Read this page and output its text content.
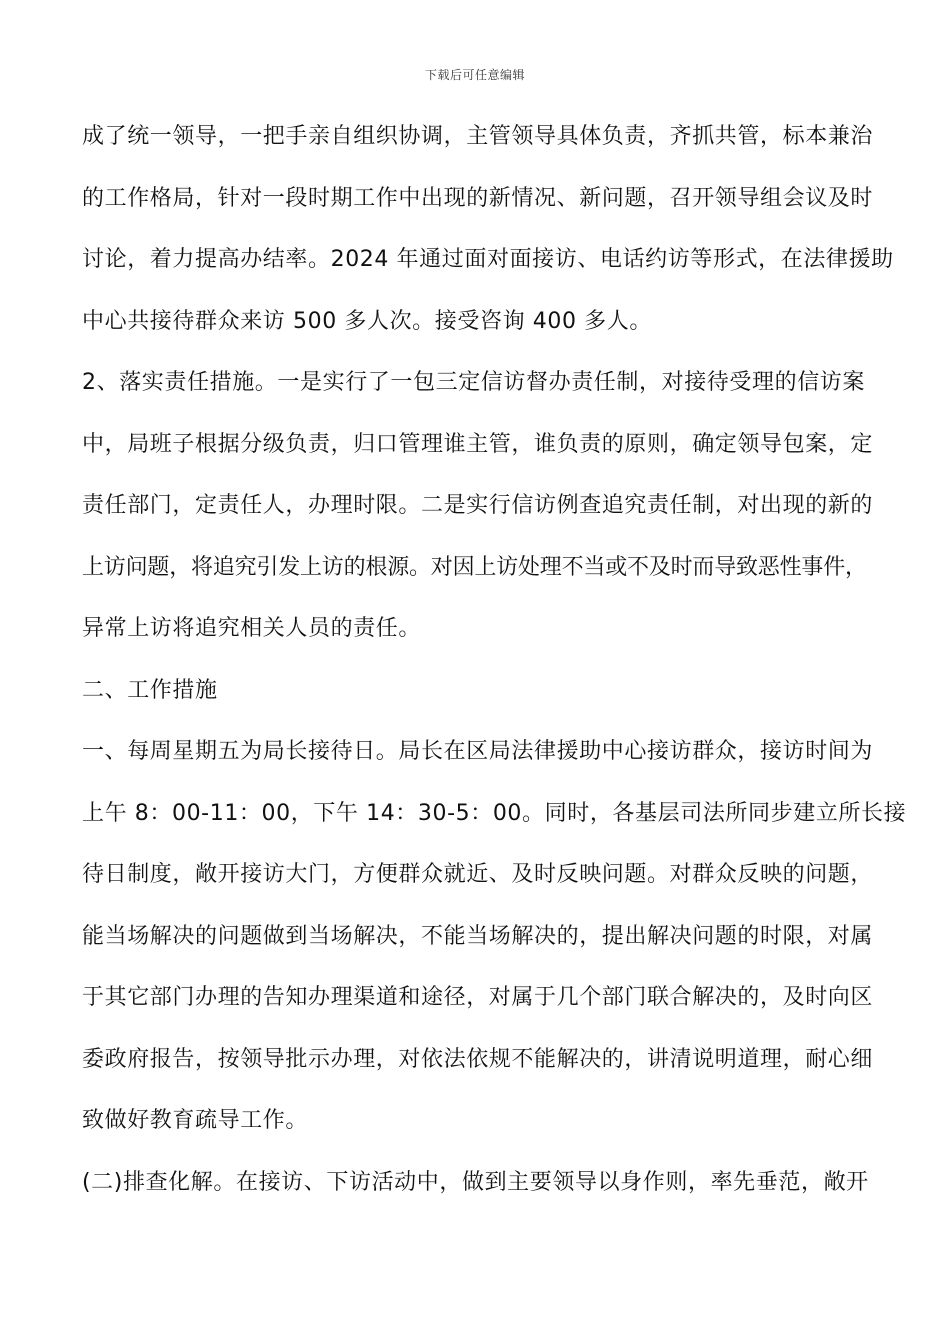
下载后可任意编辑
成了统一领导，一把手亲自组织协调，主管领导具体负责，齐抓共管，标本兼治
的工作格局，针对一段时期工作中出现的新情况、新问题，召开领导组会议及时
讨论，着力提高办结率。2024 年通过面对面接访、电话约访等形式，在法律援助
中心共接待群众来访 500 多人次。接受咨询 400 多人。
2、落实责任措施。一是实行了一包三定信访督办责任制，对接待受理的信访案
中，局班子根据分级负责，归口管理谁主管，谁负责的原则，确定领导包案，定
责任部门，定责任人，办理时限。二是实行信访例查追究责任制，对出现的新的
上访问题，将追究引发上访的根源。对因上访处理不当或不及时而导致恶性事件，
异常上访将追究相关人员的责任。
二、工作措施
一、每周星期五为局长接待日。局长在区局法律援助中心接访群众，接访时间为
上午 8：00-11：00，下午 14：30-5：00。同时，各基层司法所同步建立所长接
待日制度，敞开接访大门，方便群众就近、及时反映问题。对群众反映的问题，
能当场解决的问题做到当场解决，不能当场解决的，提出解决问题的时限，对属
于其它部门办理的告知办理渠道和途径，对属于几个部门联合解决的，及时向区
委政府报告，按领导批示办理，对依法依规不能解决的，讲清说明道理，耐心细
致做好教育疏导工作。
(二)排查化解。在接访、下访活动中，做到主要领导以身作则，率先垂范，敞开
